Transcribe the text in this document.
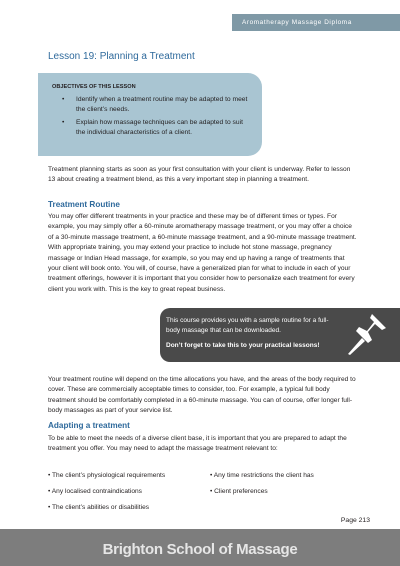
Aromatherapy Massage Diploma
Lesson 19: Planning a Treatment

OBJECTIVES OF THIS LESSON

• Identify when a treatment routine may be adapted to meet the client’s needs.
• Explain how massage techniques can be adapted to suit the individual characteristics of a client.

Treatment planning starts as soon as your first consultation with your client is underway. Refer to lesson 13 about creating a treatment blend, as this a very important step in planning a treatment.

Treatment Routine

You may offer different treatments in your practice and these may be of different times or types. For example, you may simply offer a 60-minute aromatherapy massage treatment, or you may offer a choice of a 30-minute massage treatment, a 60-minute massage treatment, and a 90-minute massage treatment. With appropriate training, you may extend your practice to include hot stone massage, pregnancy massage or Indian Head massage, for example, so you may end up having a range of treatments that your client will book onto. You will, of course, have a generalized plan for what to include in each of your treatment offerings, however it is important that you consider how to personalize each treatment for every client you work with. This is the key to great repeat business.

This course provides you with a sample routine for a full-body massage that can be downloaded.

Don’t forget to take this to your practical lessons!

Your treatment routine will depend on the time allocations you have, and the areas of the body required to cover. These are commercially acceptable times to consider, too. For example, a typical full body treatment should be comfortably completed in a 60-minute massage. You can of course, offer longer full-body massages as part of your service list.

Adapting a treatment

To be able to meet the needs of a diverse client base, it is important that you are prepared to adapt the treatment you offer. You may need to adapt the massage treatment relevant to:

• The client’s physiological requirements	• Any time restrictions the client has
• Any localised contraindications	• Client preferences
• The client’s abilities or disabilities
Page 213
Brighton School of Massage
